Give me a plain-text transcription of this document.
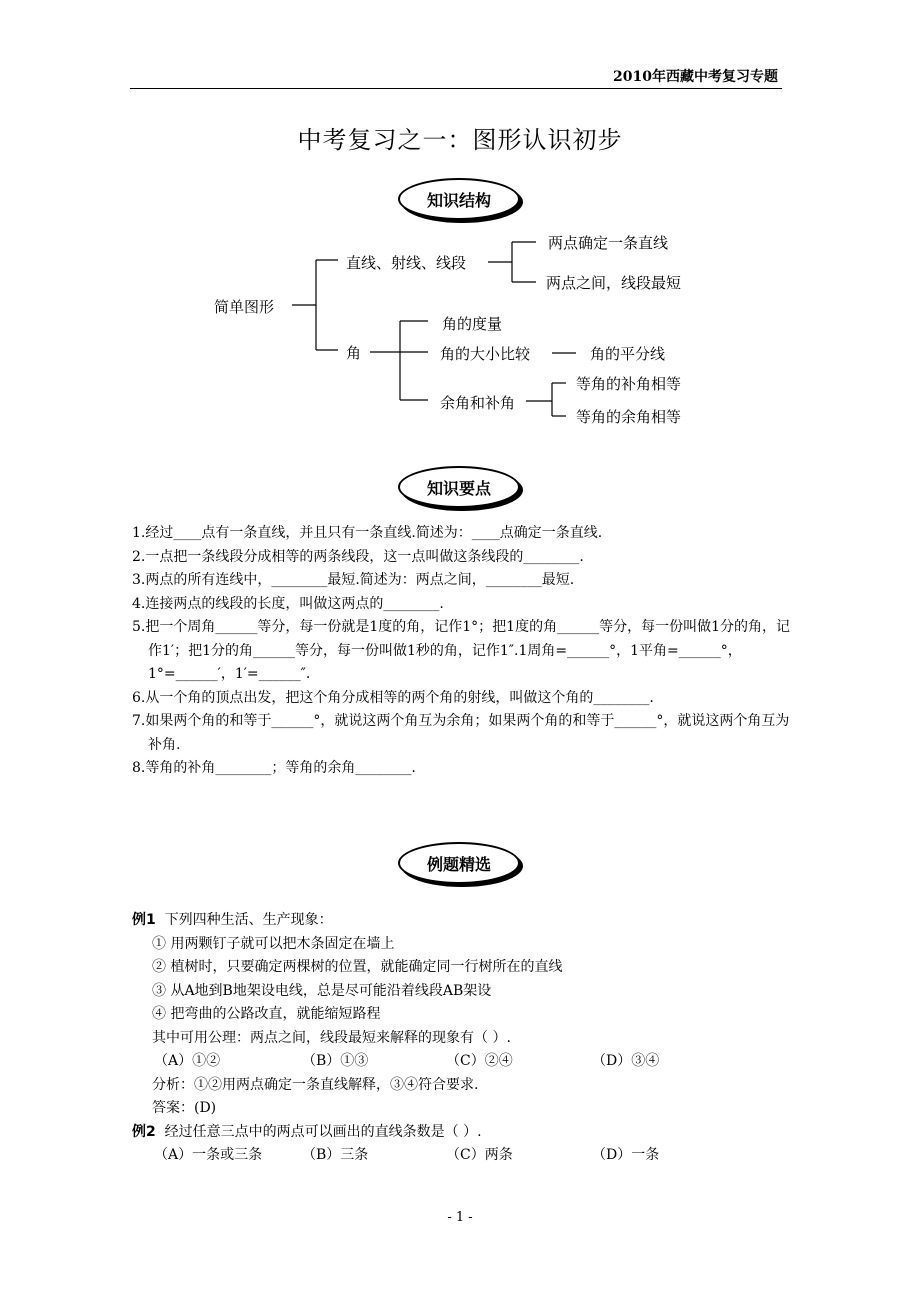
2010年西藏中考复习专题
中考复习之一：图形认识初步
知识结构
简单图形
直线、射线、线段
两点确定一条直线
两点之间，线段最短
角
角的度量
角的大小比较	角的平分线
余角和补角
等角的补角相等
等角的余角相等
知识要点
1.经过____点有一条直线，并且只有一条直线.简述为：____点确定一条直线.
2.一点把一条线段分成相等的两条线段，这一点叫做这条线段的________.
3.两点的所有连线中，________最短.简述为：两点之间，________最短.
4.连接两点的线段的长度，叫做这两点的________.
5.把一个周角______等分，每一份就是1度的角，记作1°；把1度的角______等分，每一份叫做1分的角，记作1′；把1分的角______等分，每一份叫做1秒的角，记作1″.1周角=______°，1平角=______°，1°=______′，1′=______″.
6.从一个角的顶点出发，把这个角分成相等的两个角的射线，叫做这个角的________.
7.如果两个角的和等于______°，就说这两个角互为余角；如果两个角的和等于______°，就说这两个角互为补角.
8.等角的补角________；等角的余角________.
例题精选
例1 下列四种生活、生产现象：
① 用两颗钉子就可以把木条固定在墙上
② 植树时，只要确定两棵树的位置，就能确定同一行树所在的直线
③ 从A地到B地架设电线，总是尽可能沿着线段AB架设
④ 把弯曲的公路改直，就能缩短路程
其中可用公理：两点之间，线段最短来解释的现象有（ ）.
（A）①②	（B）①③	（C）②④	（D）③④
分析：①②用两点确定一条直线解释，③④符合要求.
答案：(D)
例2 经过任意三点中的两点可以画出的直线条数是（ ）.
（A）一条或三条	（B）三条	（C）两条	（D）一条
- 1 -
